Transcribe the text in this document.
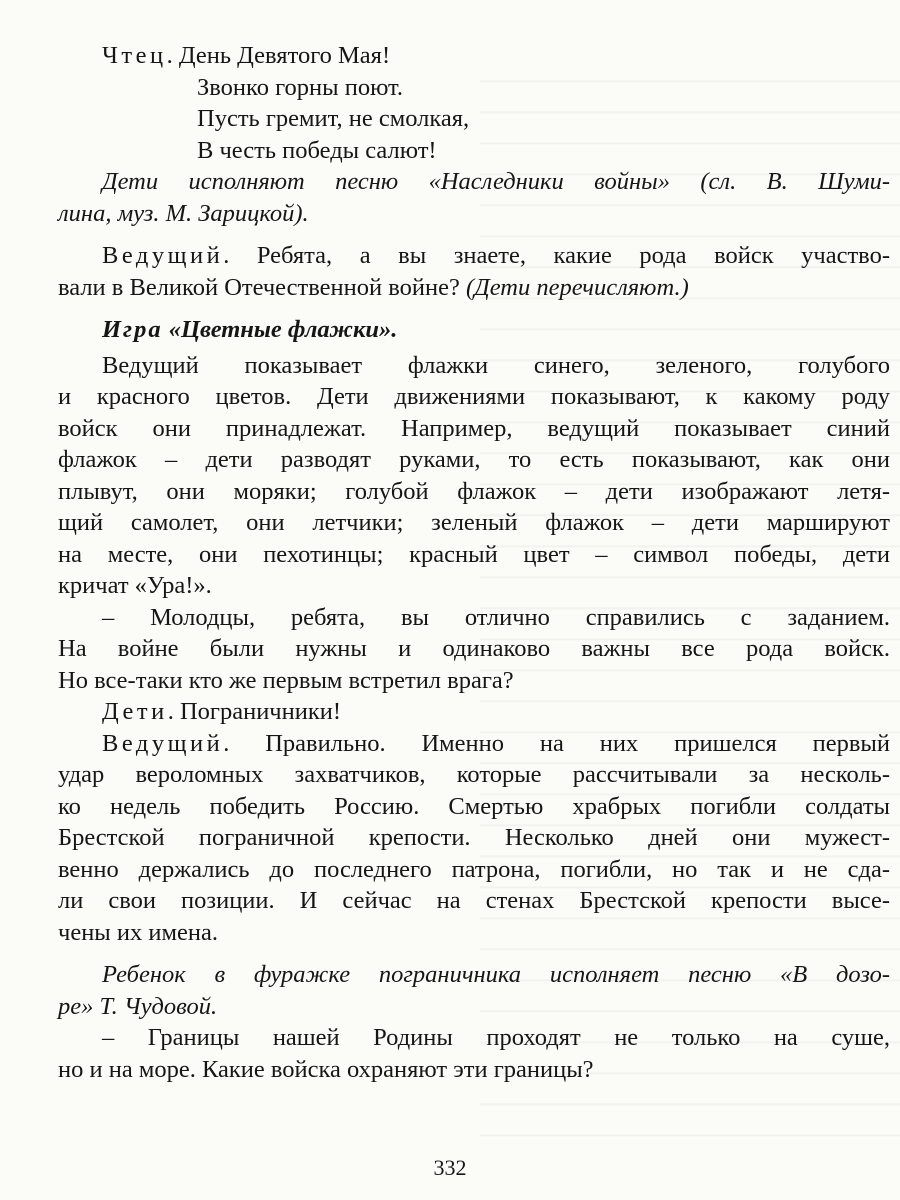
Чтец. День Девятого Мая!
Звонко горны поют.
Пусть гремит, не смолкая,
В честь победы салют!
Дети исполняют песню «Наследники войны» (сл. В. Шуми-
лина, муз. М. Зарицкой).
Ведущий. Ребята, а вы знаете, какие рода войск участво-
вали в Великой Отечественной войне? (Дети перечисляют.)
Игра «Цветные флажки».
Ведущий показывает флажки синего, зеленого, голубого
и красного цветов. Дети движениями показывают, к какому роду
войск они принадлежат. Например, ведущий показывает синий
флажок – дети разводят руками, то есть показывают, как они
плывут, они моряки; голубой флажок – дети изображают летя-
щий самолет, они летчики; зеленый флажок – дети маршируют
на месте, они пехотинцы; красный цвет – символ победы, дети
кричат «Ура!».
– Молодцы, ребята, вы отлично справились с заданием.
На войне были нужны и одинаково важны все рода войск.
Но все-таки кто же первым встретил врага?
Дети. Пограничники!
Ведущий. Правильно. Именно на них пришелся первый
удар вероломных захватчиков, которые рассчитывали за несколь-
ко недель победить Россию. Смертью храбрых погибли солдаты
Брестской пограничной крепости. Несколько дней они мужест-
венно держались до последнего патрона, погибли, но так и не сда-
ли свои позиции. И сейчас на стенах Брестской крепости высе-
чены их имена.
Ребенок в фуражке пограничника исполняет песню «В дозо-
ре» Т. Чудовой.
– Границы нашей Родины проходят не только на суше,
но и на море. Какие войска охраняют эти границы?
332
